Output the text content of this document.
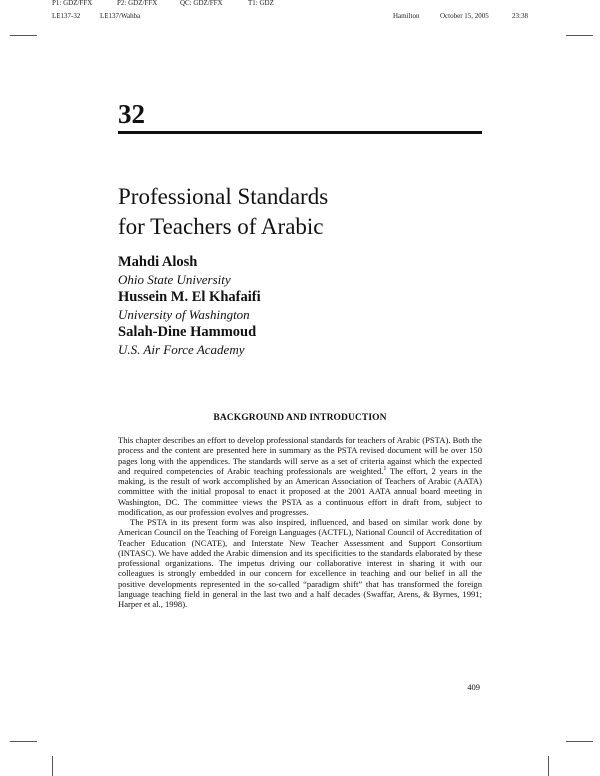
P1: GDZ/FFX	P2: GDZ/FFX	QC: GDZ/FFX	T1: GDZ
LE137-32	LE137/Wahba	Hamilton	October 15, 2005	23:38
32
Professional Standards
for Teachers of Arabic
Mahdi Alosh
Ohio State University
Hussein M. El Khafaifi
University of Washington
Salah-Dine Hammoud
U.S. Air Force Academy
BACKGROUND AND INTRODUCTION

This chapter describes an effort to develop professional standards for teachers of Arabic (PSTA). Both the process and the content are presented here in summary as the PSTA revised document will be over 150 pages long with the appendices. The standards will serve as a set of criteria against which the expected and required competencies of Arabic teaching professionals are weighted.$^1$ The effort, 2 years in the making, is the result of work accomplished by an American Association of Teachers of Arabic (AATA) committee with the initial proposal to enact it proposed at the 2001 AATA annual board meeting in Washington, DC. The committee views the PSTA as a continuous effort in draft from, subject to modification, as our profession evolves and progresses.

The PSTA in its present form was also inspired, influenced, and based on similar work done by American Council on the Teaching of Foreign Languages (ACTFL), National Council of Accreditation of Teacher Education (NCATE), and Interstate New Teacher Assessment and Support Consortium (INTASC). We have added the Arabic dimension and its specificities to the standards elaborated by these professional organizations. The impetus driving our collaborative interest in sharing it with our colleagues is strongly embedded in our concern for excellence in teaching and our belief in all the positive developments represented in the so-called “paradigm shift” that has transformed the foreign language teaching field in general in the last two and a half decades (Swaffar, Arens, & Byrnes, 1991; Harper et al., 1998).

409
